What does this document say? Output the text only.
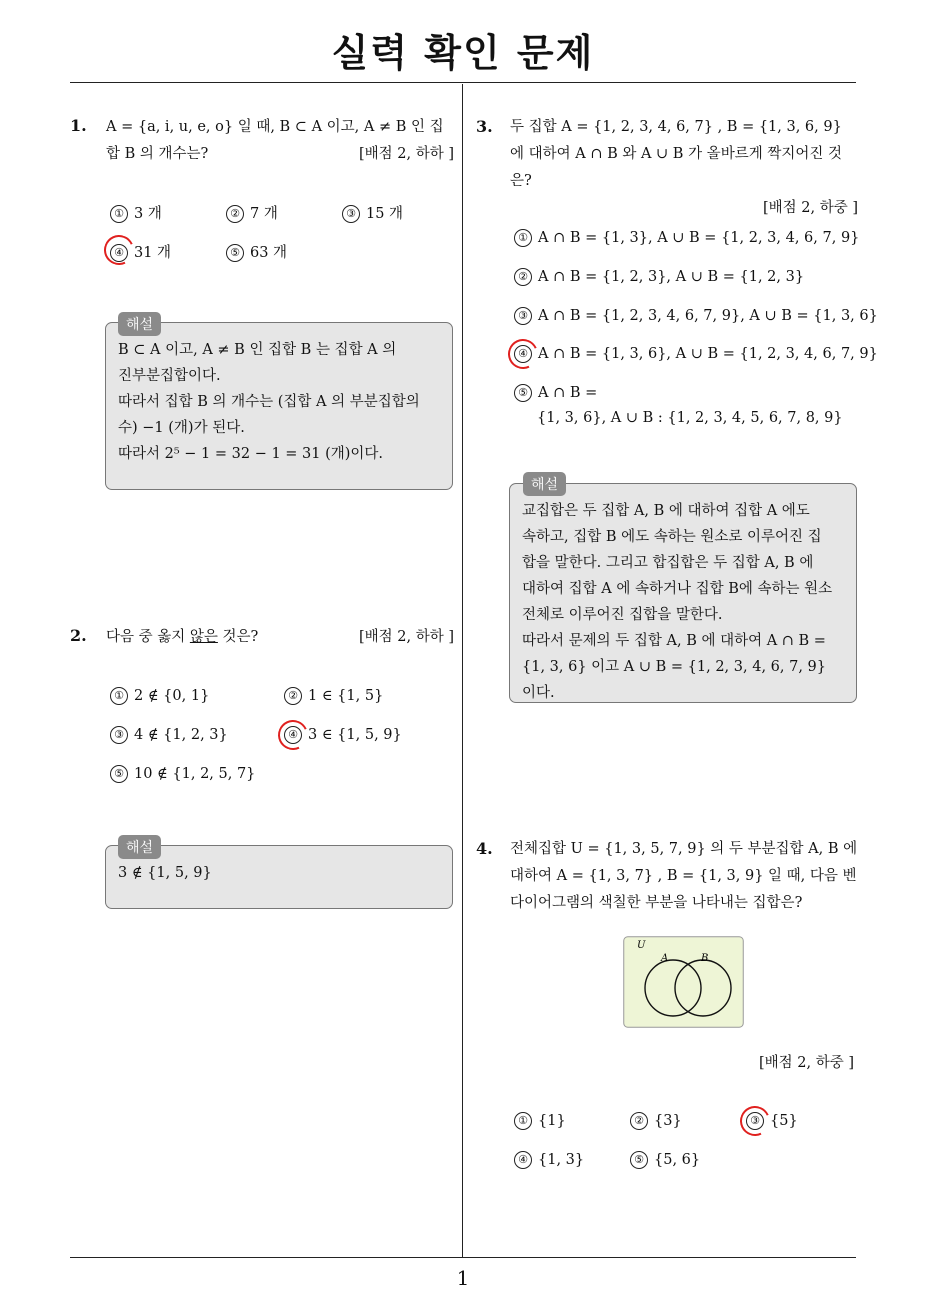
실력 확인 문제
1
1. A = {a, i, u, e, o} 일 때, B ⊂ A 이고, A ≠ B 인 집합 B 의 개수는?	[배점 2, 하하 ]
① 3 개	② 7 개	③ 15 개
④ 31 개	⑤ 63 개
B ⊂ A 이고, A ≠ B 인 집합 B 는 집합 A 의
진부분집합이다.
따라서 집합 B 의 개수는 (집합 A 의 부분집합의
수) −1 (개)가 된다.
따라서 2⁵ − 1 = 32 − 1 = 31 (개)이다.
해설
2. 다음 중 옳지 않은 것은?	[배점 2, 하하 ]
① 2 ∉ {0, 1}	② 1 ∈ {1, 5}
③ 4 ∉ {1, 2, 3}	④ 3 ∈ {1, 5, 9}
⑤ 10 ∉ {1, 2, 5, 7}
3 ∉ {1, 5, 9}
해설
3. 두 집합 A = {1, 2, 3, 4, 6, 7} , B = {1, 3, 6, 9} 에 대하여 A ∩ B 와 A ∪ B 가 올바르게 짝지어진 것은?
[배점 2, 하중 ]
① A ∩ B = {1, 3}, A ∪ B = {1, 2, 3, 4, 6, 7, 9}
② A ∩ B = {1, 2, 3}, A ∪ B = {1, 2, 3}
③ A ∩ B = {1, 2, 3, 4, 6, 7, 9}, A ∪ B = {1, 3, 6}
④ A ∩ B = {1, 3, 6}, A ∪ B = {1, 2, 3, 4, 6, 7, 9}
⑤ A ∩ B =
{1, 3, 6}, A ∪ B : {1, 2, 3, 4, 5, 6, 7, 8, 9}
교집합은 두 집합 A, B 에 대하여 집합 A 에도
속하고, 집합 B 에도 속하는 원소로 이루어진 집
합을 말한다. 그리고 합집합은 두 집합 A, B 에
대하여 집합 A 에 속하거나 집합 B에 속하는 원소
전체로 이루어진 집합을 말한다.
따라서 문제의 두 집합 A, B 에 대하여 A ∩ B =
{1, 3, 6} 이고 A ∪ B = {1, 2, 3, 4, 6, 7, 9} 이다.
해설
4. 전체집합 U = {1, 3, 5, 7, 9} 의 두 부분집합 A, B 에 대하여 A = {1, 3, 7} , B = {1, 3, 9} 일 때, 다음 벤 다이어그램의 색칠한 부분을 나타내는 집합은?
U
A	B
[배점 2, 하중 ]
① {1}	② {3}	③ {5}
④ {1, 3}	⑤ {5, 6}
